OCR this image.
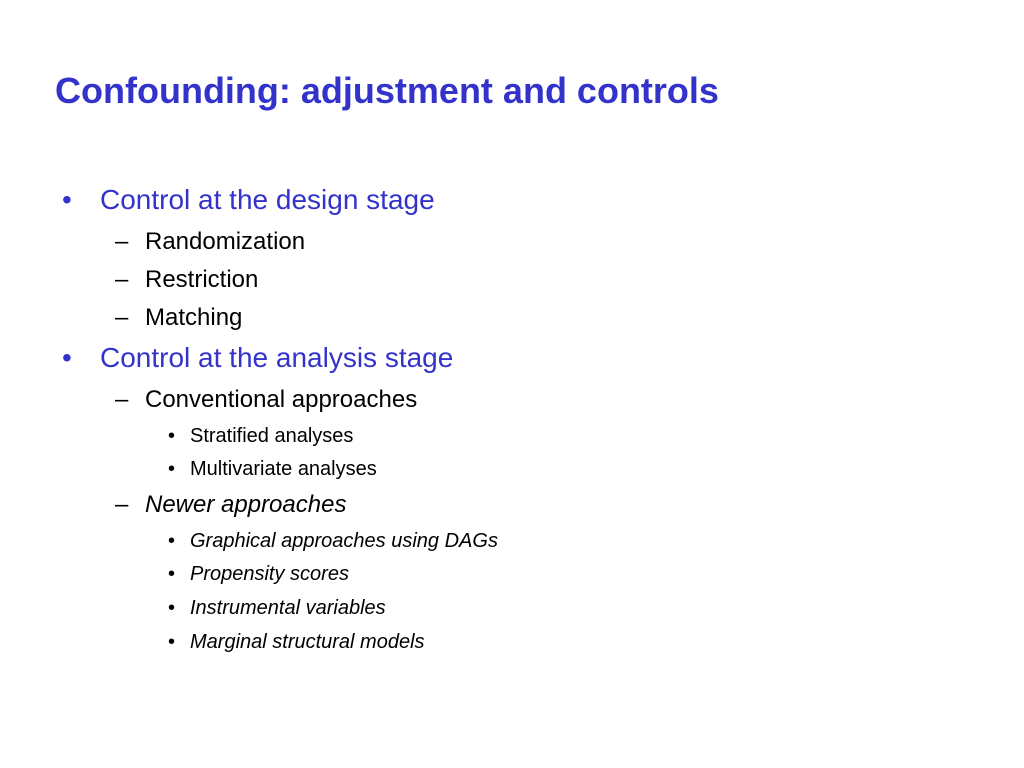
Confounding: adjustment and controls
• Control at the design stage
– Randomization
– Restriction
– Matching
• Control at the analysis stage
– Conventional approaches
• Stratified analyses
• Multivariate analyses
– Newer approaches
• Graphical approaches using DAGs
• Propensity scores
• Instrumental variables
• Marginal structural models
